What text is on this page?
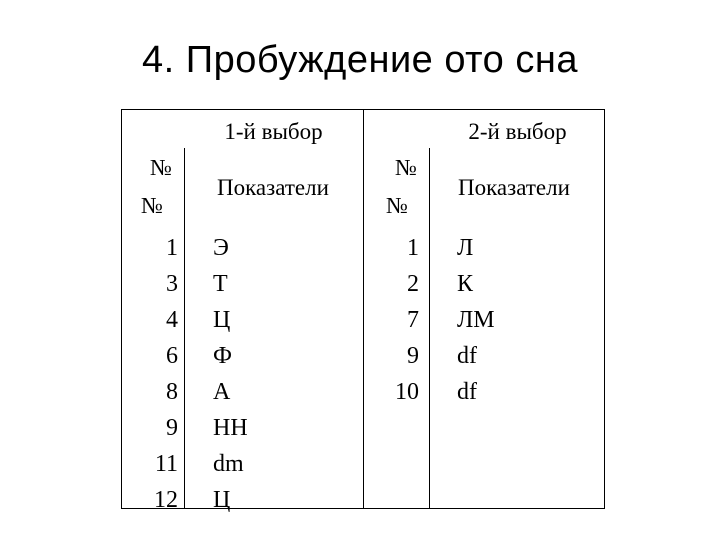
4. Пробуждение ото сна
1-й выбор
№
№
Показатели
1
3
4
6
8
9
11
12
Э
Т
Ц
Ф
А
НН
dm
Ц
2-й выбор
№
№
Показатели
1
2
7
9
10
Л
К
ЛМ
df
df
